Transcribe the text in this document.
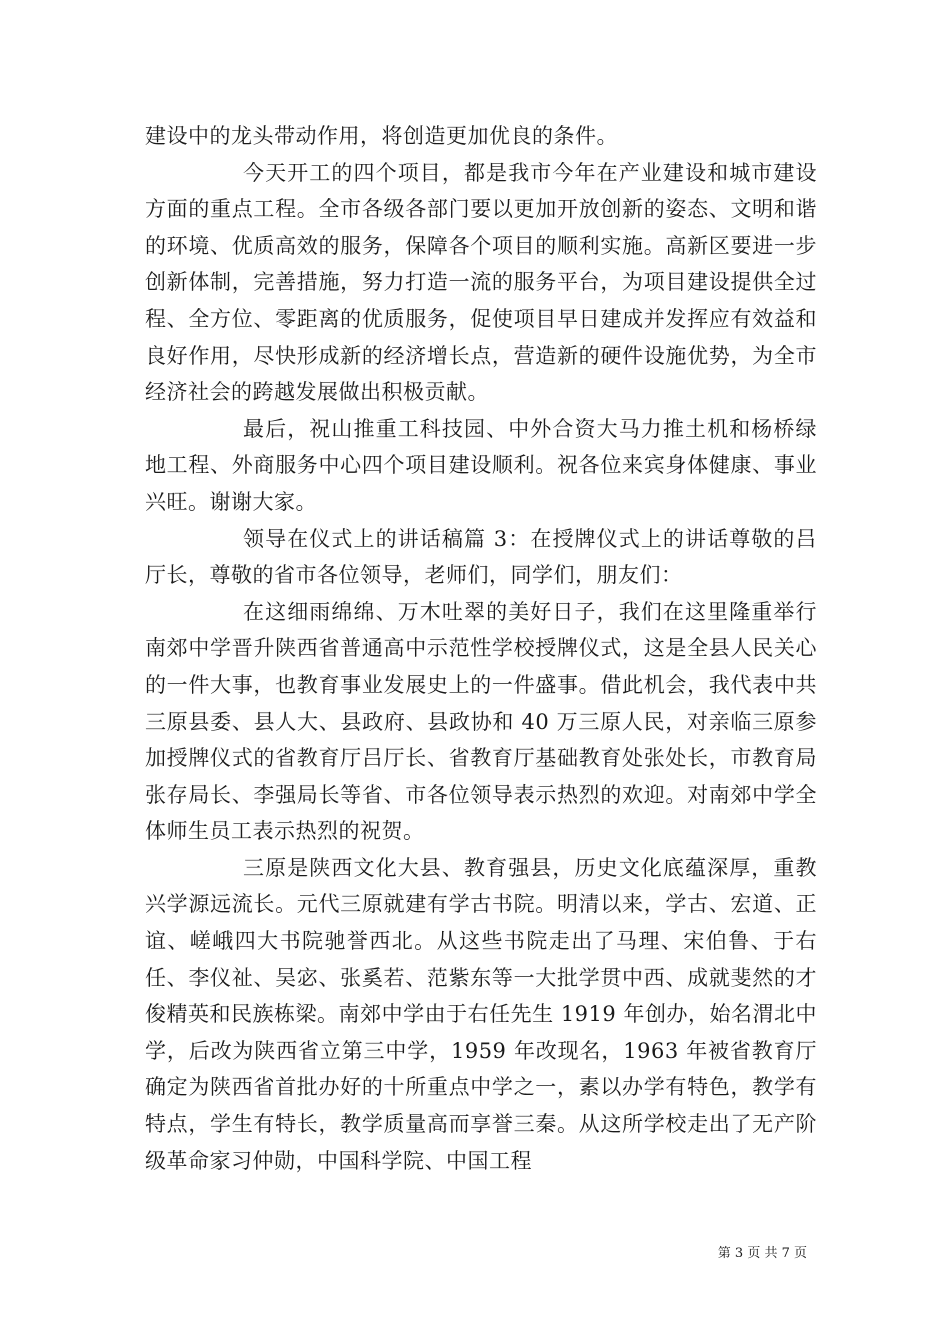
建设中的龙头带动作用，将创造更加优良的条件。

今天开工的四个项目，都是我市今年在产业建设和城市建设方面的重点工程。全市各级各部门要以更加开放创新的姿态、文明和谐的环境、优质高效的服务，保障各个项目的顺利实施。高新区要进一步创新体制，完善措施，努力打造一流的服务平台，为项目建设提供全过程、全方位、零距离的优质服务，促使项目早日建成并发挥应有效益和良好作用，尽快形成新的经济增长点，营造新的硬件设施优势，为全市经济社会的跨越发展做出积极贡献。

最后，祝山推重工科技园、中外合资大马力推土机和杨桥绿地工程、外商服务中心四个项目建设顺利。祝各位来宾身体健康、事业兴旺。谢谢大家。

领导在仪式上的讲话稿篇 3：在授牌仪式上的讲话尊敬的吕厅长，尊敬的省市各位领导，老师们，同学们，朋友们：

在这细雨绵绵、万木吐翠的美好日子，我们在这里隆重举行南郊中学晋升陕西省普通高中示范性学校授牌仪式，这是全县人民关心的一件大事，也教育事业发展史上的一件盛事。借此机会，我代表中共三原县委、县人大、县政府、县政协和 40 万三原人民，对亲临三原参加授牌仪式的省教育厅吕厅长、省教育厅基础教育处张处长，市教育局张存局长、李强局长等省、市各位领导表示热烈的欢迎。对南郊中学全体师生员工表示热烈的祝贺。

三原是陕西文化大县、教育强县，历史文化底蕴深厚，重教兴学源远流长。元代三原就建有学古书院。明清以来，学古、宏道、正谊、嵯峨四大书院驰誉西北。从这些书院走出了马理、宋伯鲁、于右任、李仪祉、吴宓、张奚若、范紫东等一大批学贯中西、成就斐然的才俊精英和民族栋梁。南郊中学由于右任先生 1919 年创办，始名渭北中学，后改为陕西省立第三中学，1959 年改现名，1963 年被省教育厅确定为陕西省首批办好的十所重点中学之一，素以办学有特色，教学有特点，学生有特长，教学质量高而享誉三秦。从这所学校走出了无产阶级革命家习仲勋，中国科学院、中国工程

第 3 页 共 7 页
